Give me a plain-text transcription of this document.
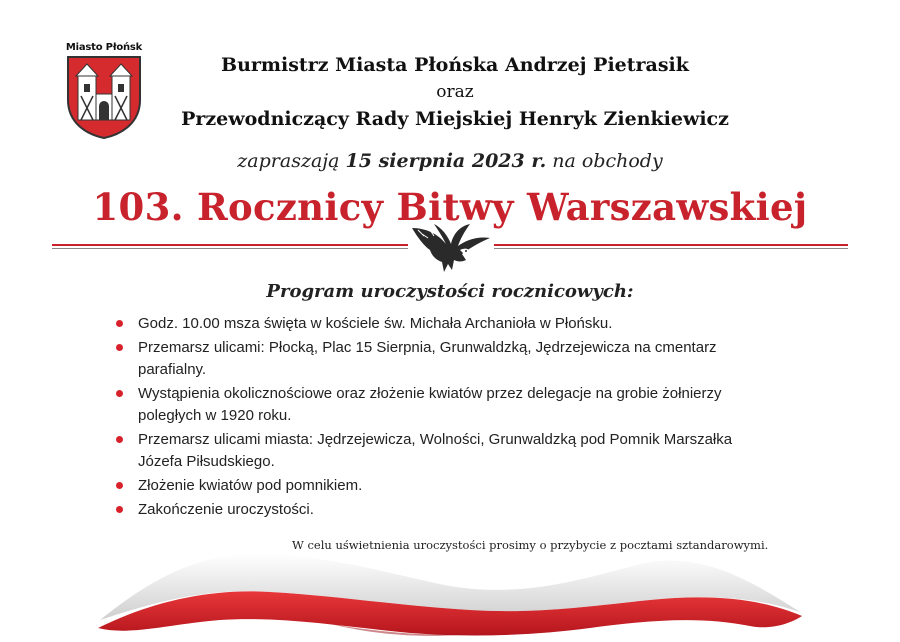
Miasto Płońsk
Burmistrz Miasta Płońska Andrzej Pietrasik
oraz
Przewodniczący Rady Miejskiej Henryk Zienkiewicz
zapraszają 15 sierpnia 2023 r. na obchody
103. Rocznicy Bitwy Warszawskiej
Program uroczystości rocznicowych:
Godz. 10.00 msza święta w kościele św. Michała Archanioła w Płońsku.
Przemarsz ulicami: Płocką, Plac 15 Sierpnia, Grunwaldzką, Jędrzejewicza na cmentarz parafialny.
Wystąpienia okolicznościowe oraz złożenie kwiatów przez delegacje na grobie żołnierzy poległych w 1920 roku.
Przemarsz ulicami miasta: Jędrzejewicza, Wolności, Grunwaldzką pod Pomnik Marszałka Józefa Piłsudskiego.
Złożenie kwiatów pod pomnikiem.
Zakończenie uroczystości.
W celu uświetnienia uroczystości prosimy o przybycie z pocztami sztandarowymi.
